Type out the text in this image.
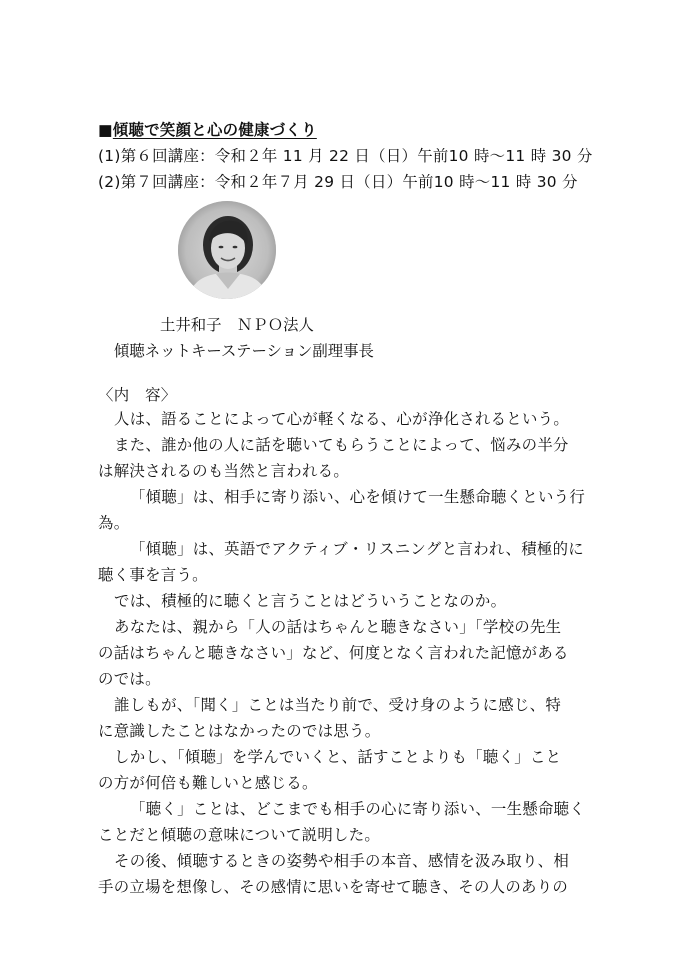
■傾聴で笑顔と心の健康づくり
(1)第６回講座：令和２年 11 月 22 日（日）午前10 時〜11 時 30 分
(2)第７回講座：令和２年７月 29 日（日）午前10 時〜11 時 30 分
土井和子　ＮＰＯ法人
傾聴ネットキーステーション副理事長
〈内　容〉
人は、語ることによって心が軽くなる、心が浄化されるという。
また、誰か他の人に話を聴いてもらうことによって、悩みの半分
は解決されるのも当然と言われる。
「傾聴」は、相手に寄り添い、心を傾けて一生懸命聴くという行
為。
「傾聴」は、英語でアクティブ・リスニングと言われ、積極的に
聴く事を言う。
では、積極的に聴くと言うことはどういうことなのか。
あなたは、親から「人の話はちゃんと聴きなさい」「学校の先生
の話はちゃんと聴きなさい」など、何度となく言われた記憶がある
のでは。
誰しもが、「聞く」ことは当たり前で、受け身のように感じ、特
に意識したことはなかったのでは思う。
しかし、「傾聴」を学んでいくと、話すことよりも「聴く」こと
の方が何倍も難しいと感じる。
「聴く」ことは、どこまでも相手の心に寄り添い、一生懸命聴く
ことだと傾聴の意味について説明した。
その後、傾聴するときの姿勢や相手の本音、感情を汲み取り、相
手の立場を想像し、その感情に思いを寄せて聴き、その人のありの
